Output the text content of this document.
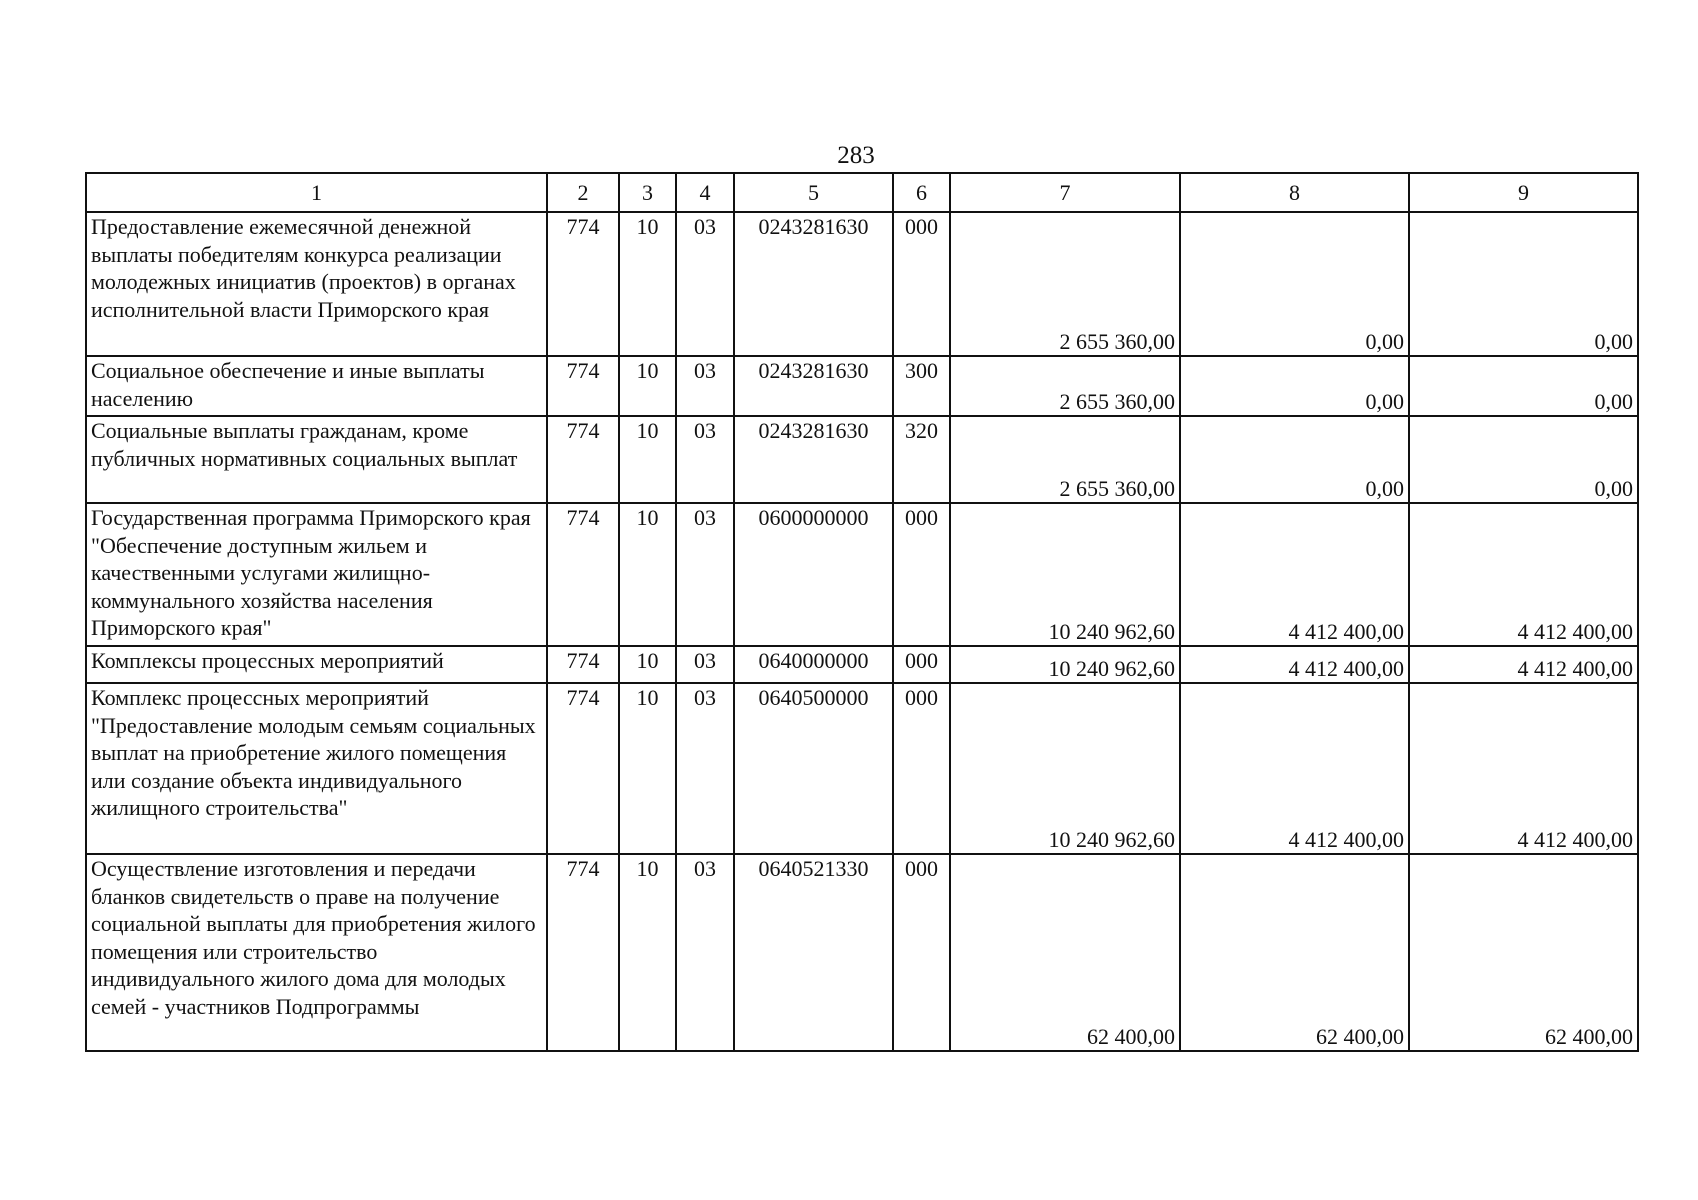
283
1	2	3	4	5	6	7	8	9
Предоставление ежемесячной денежной выплаты победителям конкурса реализации молодежных инициатив (проектов) в органах исполнительной власти Приморского края	774	10	03	0243281630	000	2 655 360,00	0,00	0,00
Социальное обеспечение и иные выплаты населению	774	10	03	0243281630	300	2 655 360,00	0,00	0,00
Социальные выплаты гражданам, кроме публичных нормативных социальных выплат	774	10	03	0243281630	320	2 655 360,00	0,00	0,00
Государственная программа Приморского края "Обеспечение доступным жильем и качественными услугами жилищно-коммунального хозяйства населения Приморского края"	774	10	03	0600000000	000	10 240 962,60	4 412 400,00	4 412 400,00
Комплексы процессных мероприятий	774	10	03	0640000000	000	10 240 962,60	4 412 400,00	4 412 400,00
Комплекс процессных мероприятий "Предоставление молодым семьям социальных выплат на приобретение жилого помещения или создание объекта индивидуального жилищного строительства"	774	10	03	0640500000	000	10 240 962,60	4 412 400,00	4 412 400,00
Осуществление изготовления и передачи бланков свидетельств о праве на получение социальной выплаты для приобретения жилого помещения или строительство индивидуального жилого дома для молодых семей - участников Подпрограммы	774	10	03	0640521330	000	62 400,00	62 400,00	62 400,00
